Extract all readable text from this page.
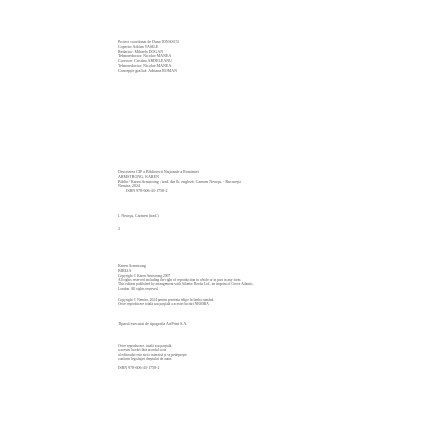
Proiect coordonat de Dana IONASCU
Coperta: Adrian VASILE
Redactor: Mihaela DOGAN
Tehnoredactor: Nicolae MANEA
Corector: Cristina ARDELEANU
Tehnoredactor: Nicolae MANEA
Concepţie grafică: Adriana ROMAN
Descrierea CIP a Bibliotecii Naţionale a României
ARMSTRONG, KAREN
Biblia / Karen Armstrong ; trad. din lb. engleză: Carmen Neacşu. - Bucureşti
Nemira, 2024
ISBN 978-606-43-1758-2
I. Neacşu, Carmen (trad.)
2
Karen Armstrong
BIBLIA
Copyright © Karen Armstrong 2007
All rights reserved including the right of reproduction in whole or in part in any form.
This edition published by arrangement with Atlantic Books Ltd., an imprint of Grove Atlantic,
London. All rights reserved.
Copyright © Nemira, 2024 pentru prezenta ediţie în limba română
Orice reproducere totală sau parţială a acestei lucrări NEMIRA
Tiparul executat de tipografia ArtPrint S.A.
Orice reproducere, totală sau parţială,
a acestei lucrări fără acordul scris
al editorului este strict interzisă şi se pedepseşte
conform legislaţiei dreptului de autor.
ISBN 978-606-43-1758-2
